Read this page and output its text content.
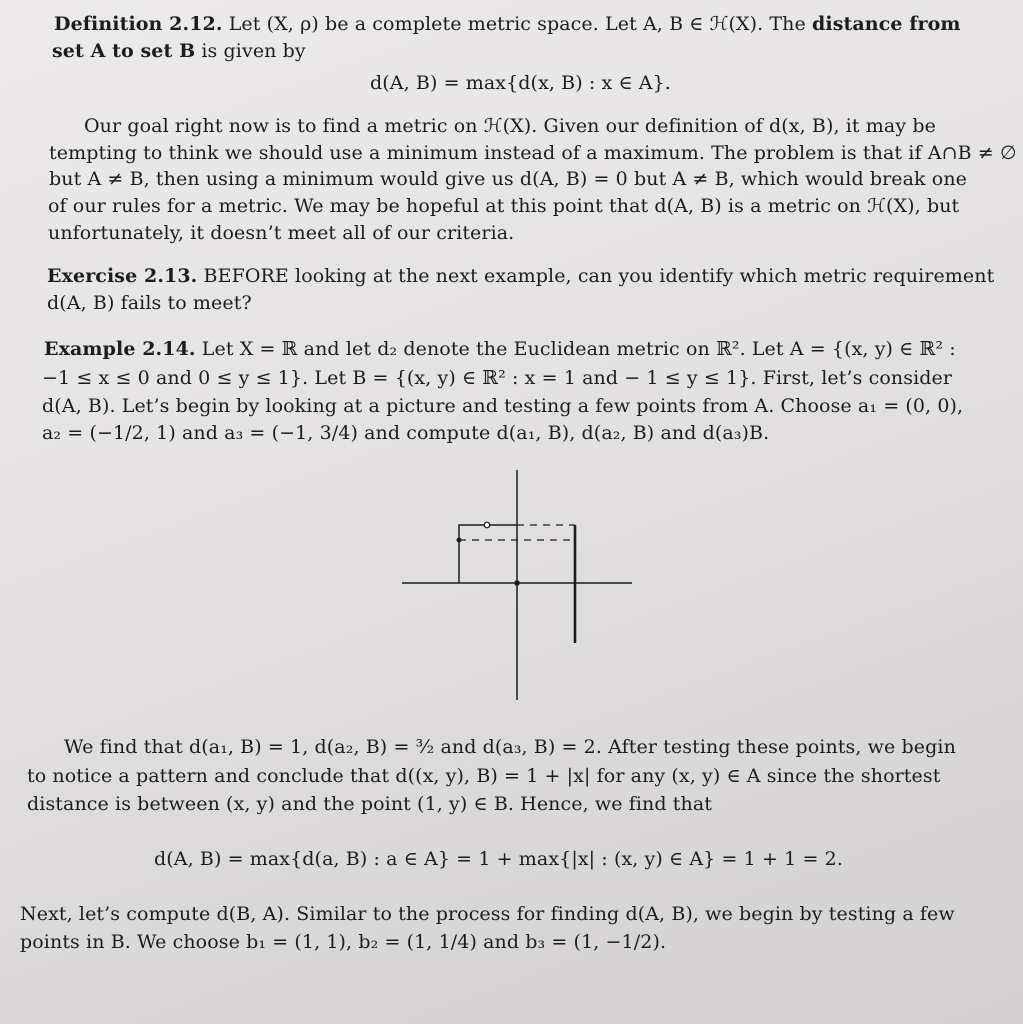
Definition 2.12. Let (X, ρ) be a complete metric space. Let A, B ∈ ℋ(X). The distance from
set A to set B is given by
d(A, B) = max{d(x, B) : x ∈ A}.
Our goal right now is to find a metric on ℋ(X). Given our definition of d(x, B), it may be
tempting to think we should use a minimum instead of a maximum. The problem is that if A∩B ≠ ∅
but A ≠ B, then using a minimum would give us d(A, B) = 0 but A ≠ B, which would break one
of our rules for a metric. We may be hopeful at this point that d(A, B) is a metric on ℋ(X), but
unfortunately, it doesn’t meet all of our criteria.
Exercise 2.13. BEFORE looking at the next example, can you identify which metric requirement
d(A, B) fails to meet?
Example 2.14. Let X = ℝ and let d₂ denote the Euclidean metric on ℝ². Let A = {(x, y) ∈ ℝ² :
−1 ≤ x ≤ 0 and 0 ≤ y ≤ 1}. Let B = {(x, y) ∈ ℝ² : x = 1 and − 1 ≤ y ≤ 1}. First, let’s consider
d(A, B). Let’s begin by looking at a picture and testing a few points from A. Choose a₁ = (0, 0),
a₂ = (−1/2, 1) and a₃ = (−1, 3/4) and compute d(a₁, B), d(a₂, B) and d(a₃)B.
We find that d(a₁, B) = 1, d(a₂, B) = ³⁄₂ and d(a₃, B) = 2. After testing these points, we begin
to notice a pattern and conclude that d((x, y), B) = 1 + |x| for any (x, y) ∈ A since the shortest
distance is between (x, y) and the point (1, y) ∈ B. Hence, we find that
d(A, B) = max{d(a, B) : a ∈ A} = 1 + max{|x| : (x, y) ∈ A} = 1 + 1 = 2.
Next, let’s compute d(B, A). Similar to the process for finding d(A, B), we begin by testing a few
points in B. We choose b₁ = (1, 1), b₂ = (1, 1/4) and b₃ = (1, −1/2).
